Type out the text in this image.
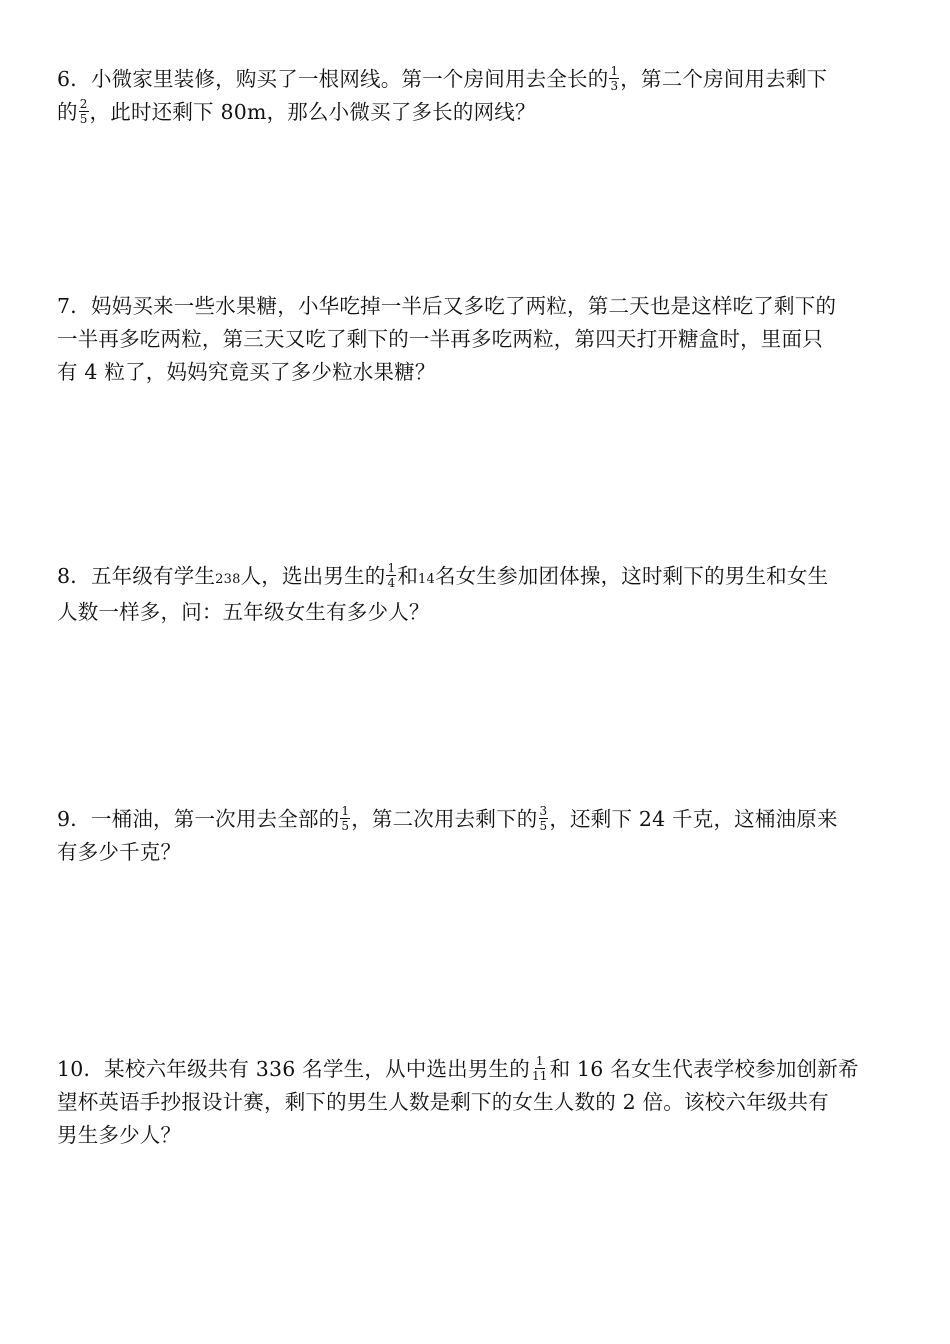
6．小微家里装修，购买了一根网线。第一个房间用去全长的 $\frac{1}{3}$ ，第二个房间用去剩下
的 $\frac{2}{5}$ ，此时还剩下 80m，那么小微买了多长的网线？
7．妈妈买来一些水果糖，小华吃掉一半后又多吃了两粒，第二天也是这样吃了剩下的
一半再多吃两粒，第三天又吃了剩下的一半再多吃两粒，第四天打开糖盒时，里面只
有 4 粒了，妈妈究竟买了多少粒水果糖？
8．五年级有学生238人，选出男生的 $\frac{1}{4}$ 和14名女生参加团体操，这时剩下的男生和女生
人数一样多，问：五年级女生有多少人？
9．一桶油，第一次用去全部的 $\frac{1}{5}$ ，第二次用去剩下的 $\frac{3}{5}$ ，还剩下 24 千克，这桶油原来
有多少千克？
10．某校六年级共有 336 名学生，从中选出男生的 $\frac{1}{11}$ 和 16 名女生代表学校参加创新希
望杯英语手抄报设计赛，剩下的男生人数是剩下的女生人数的 2 倍。该校六年级共有
男生多少人？
